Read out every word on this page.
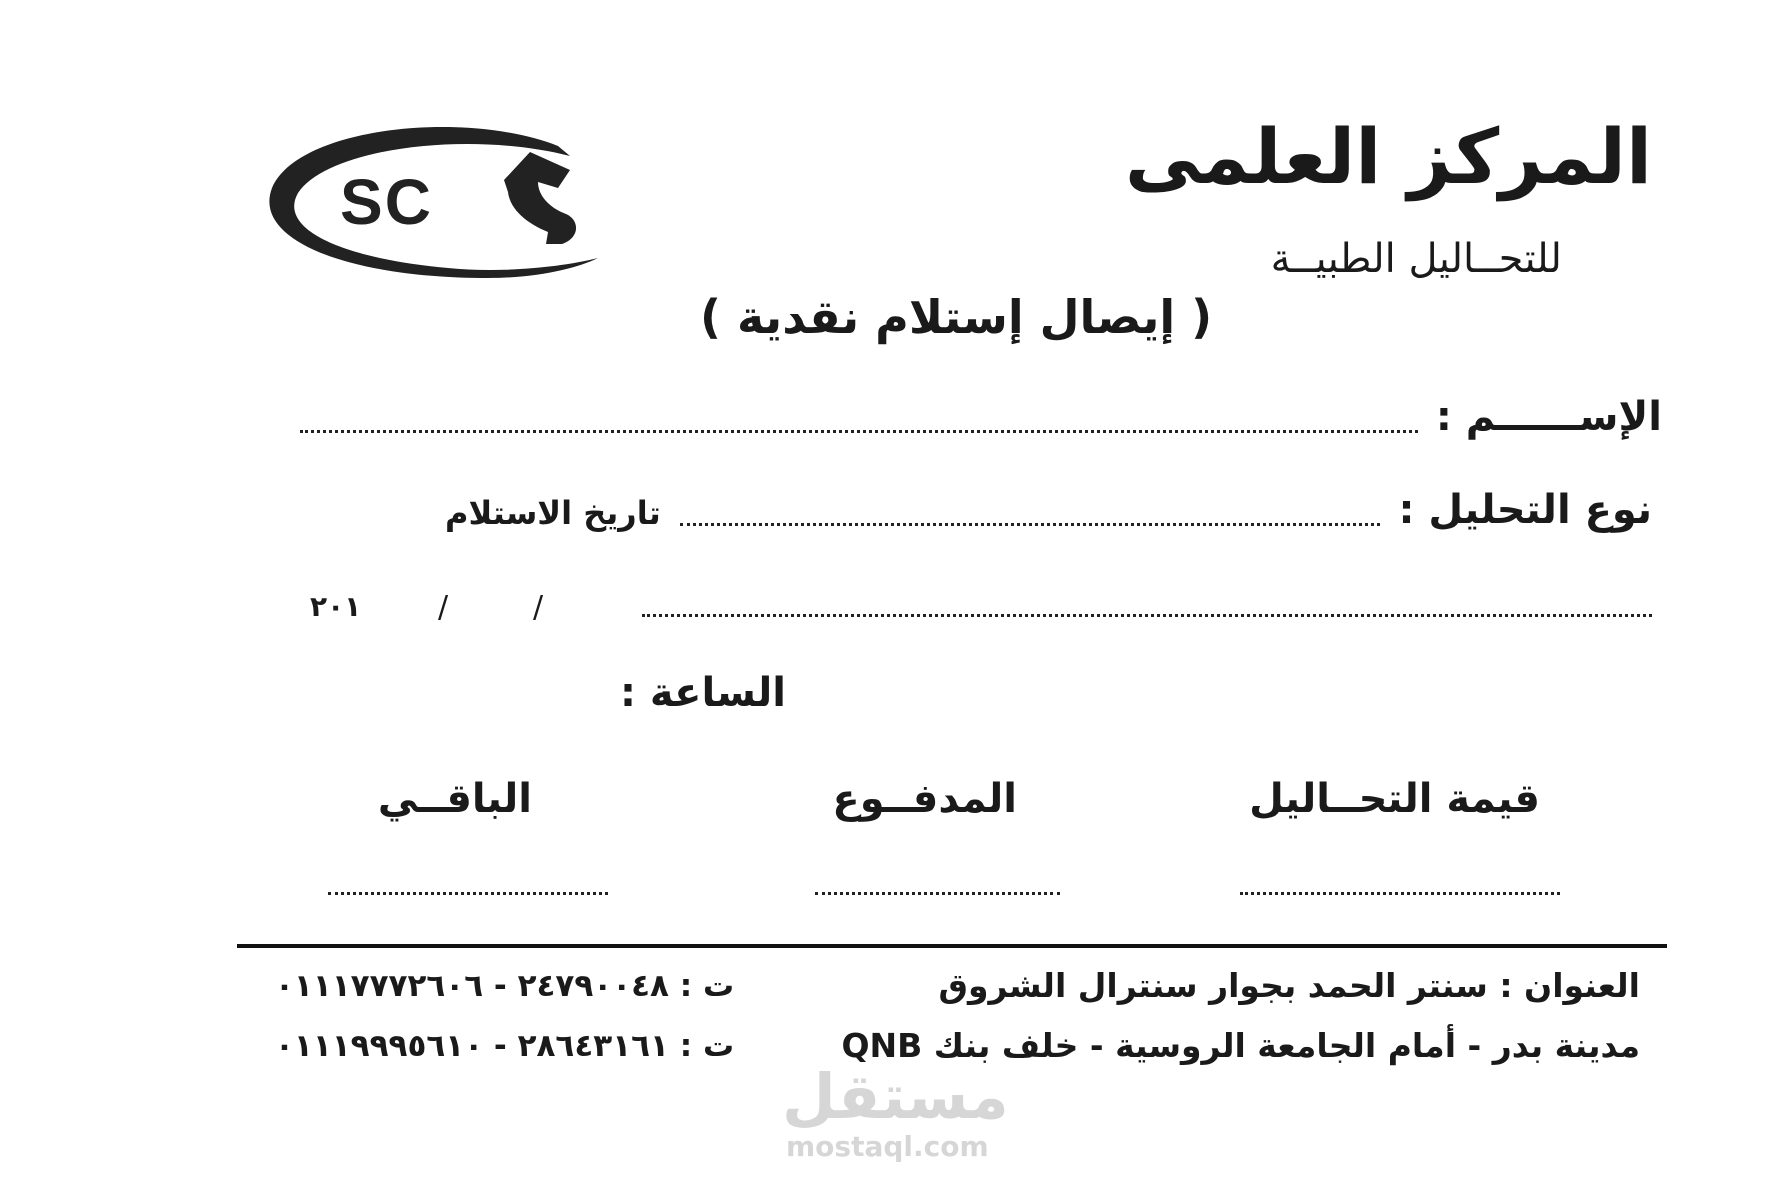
SC
المركز العلمى
للتحــاليل الطبيــة
( إيصال إستلام نقدية )
الإســــــم :
نوع التحليل :
تاريخ الاستلام
/
/
٢٠١
الساعة :
قيمة التحــاليل
المدفــوع
الباقــي
العنوان : سنتر الحمد بجوار سنترال الشروق
مدينة بدر - أمام الجامعة الروسية - خلف بنك QNB
ت : ٢٤٧٩٠٠٤٨ - ٠١١١٧٧٧٢٦٠٦
ت : ٢٨٦٤٣١٦١ - ٠١١١٩٩٩٥٦١٠
مستقل
mostaql.com
